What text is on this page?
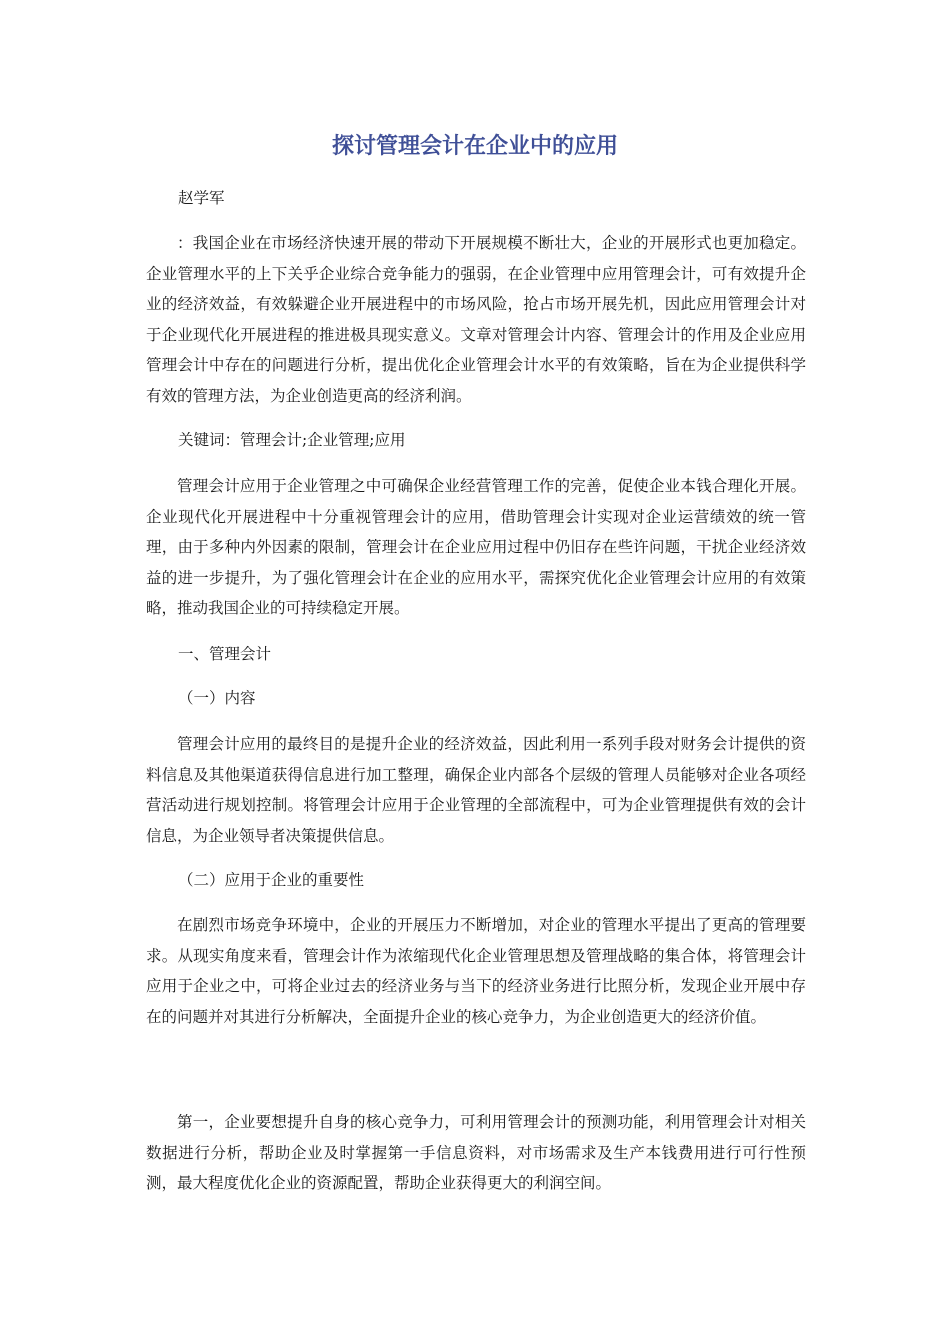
探讨管理会计在企业中的应用

赵学军

：我国企业在市场经济快速开展的带动下开展规模不断壮大，企业的开展形式也更加稳定。企业管理水平的上下关乎企业综合竞争能力的强弱，在企业管理中应用管理会计，可有效提升企业的经济效益，有效躲避企业开展进程中的市场风险，抢占市场开展先机，因此应用管理会计对于企业现代化开展进程的推进极具现实意义。文章对管理会计内容、管理会计的作用及企业应用管理会计中存在的问题进行分析，提出优化企业管理会计水平的有效策略，旨在为企业提供科学有效的管理方法，为企业创造更高的经济利润。

关键词：管理会计;企业管理;应用

管理会计应用于企业管理之中可确保企业经营管理工作的完善，促使企业本钱合理化开展。企业现代化开展进程中十分重视管理会计的应用，借助管理会计实现对企业运营绩效的统一管理，由于多种内外因素的限制，管理会计在企业应用过程中仍旧存在些许问题，干扰企业经济效益的进一步提升，为了强化管理会计在企业的应用水平，需探究优化企业管理会计应用的有效策略，推动我国企业的可持续稳定开展。

一、管理会计

（一）内容

管理会计应用的最终目的是提升企业的经济效益，因此利用一系列手段对财务会计提供的资料信息及其他渠道获得信息进行加工整理，确保企业内部各个层级的管理人员能够对企业各项经营活动进行规划控制。将管理会计应用于企业管理的全部流程中，可为企业管理提供有效的会计信息，为企业领导者决策提供信息。

（二）应用于企业的重要性

在剧烈市场竞争环境中，企业的开展压力不断增加，对企业的管理水平提出了更高的管理要求。从现实角度来看，管理会计作为浓缩现代化企业管理思想及管理战略的集合体，将管理会计应用于企业之中，可将企业过去的经济业务与当下的经济业务进行比照分析，发现企业开展中存在的问题并对其进行分析解决，全面提升企业的核心竞争力，为企业创造更大的经济价值。

第一，企业要想提升自身的核心竞争力，可利用管理会计的预测功能，利用管理会计对相关数据进行分析，帮助企业及时掌握第一手信息资料，对市场需求及生产本钱费用进行可行性预测，最大程度优化企业的资源配置，帮助企业获得更大的利润空间。
